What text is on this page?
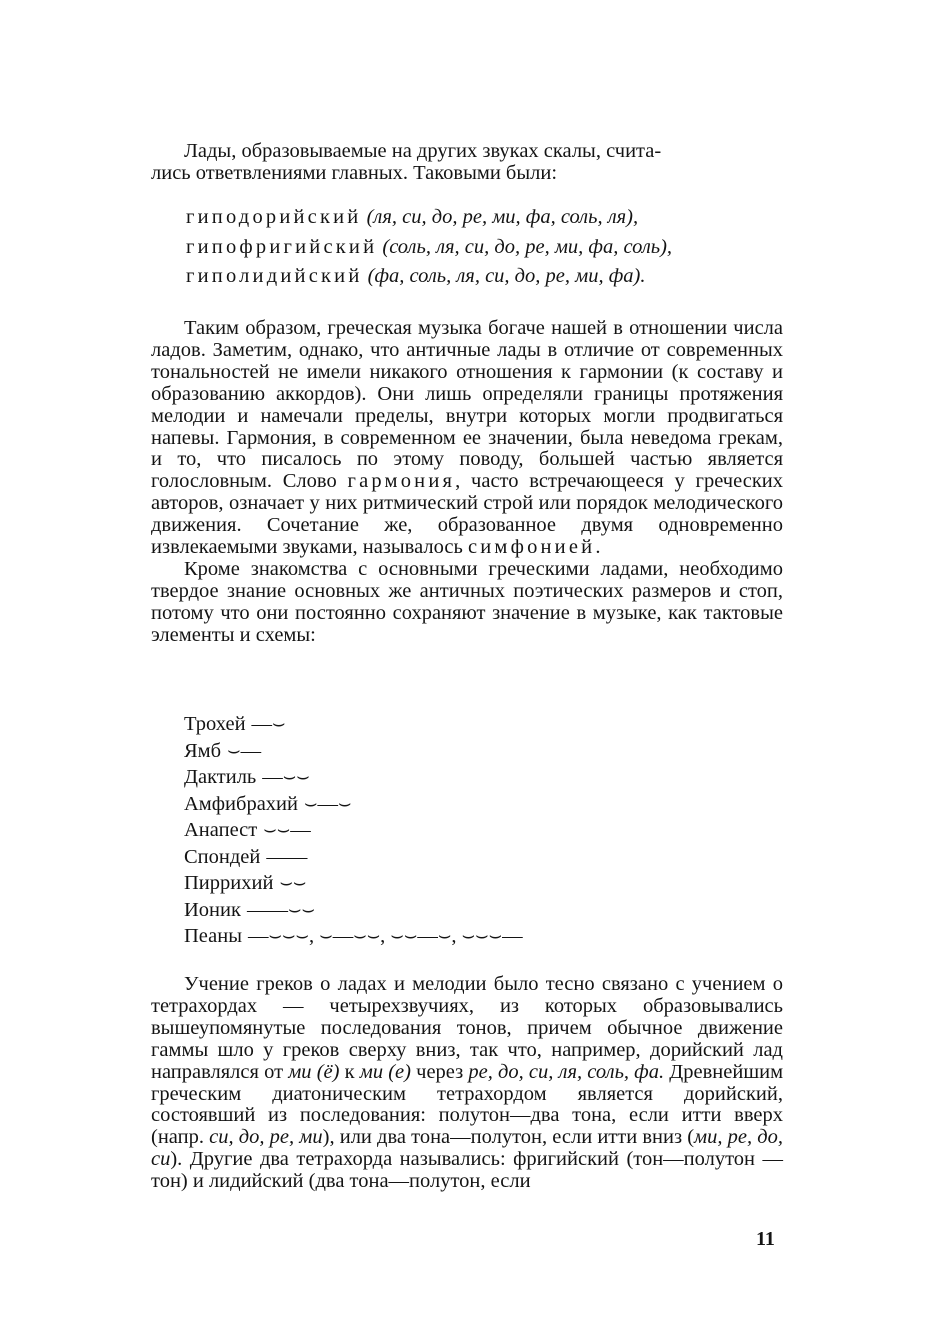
Лады, образовываемые на других звуках скалы, счита-
лись ответвлениями главных. Таковыми были:
гиподорийский (ля, си, до, ре, ми, фа, соль, ля),
гипофригийский (соль, ля, си, до, ре, ми, фа, соль),
гиполидийский (фа, соль, ля, си, до, ре, ми, фа).

Таким образом, греческая музыка богаче нашей в отношении числа ладов. Заметим, однако, что античные лады в отличие от современных тональностей не имели никакого отношения к гармонии (к составу и образованию аккордов). Они лишь определяли границы протяжения мелодии и намечали пределы, внутри которых могли продвигаться напевы. Гармония, в современном ее значении, была неведома грекам, и то, что писалось по этому поводу, большей частью является голословным. Слово гармония, часто встречающееся у греческих авторов, означает у них ритмический строй или порядок мелодического движения. Сочетание же, образованное двумя одновременно извлекаемыми звуками, называлось симфонией.

Кроме знакомства с основными греческими ладами, необходимо твердое знание основных же античных поэтических размеров и стоп, потому что они постоянно сохраняют значение в музыке, как тактовые элементы и схемы:

Трохей —⌣
Ямб ⌣—
Дактиль —⌣⌣
Амфибрахий ⌣—⌣
Анапест ⌣⌣—
Спондей ——
Пиррихий ⌣⌣
Ионик ——⌣⌣
Пеаны —⌣⌣⌣, ⌣—⌣⌣, ⌣⌣—⌣, ⌣⌣⌣—

Учение греков о ладах и мелодии было тесно связано с учением о тетрахордах — четырехзвучиях, из которых образовывались вышеупомянутые последования тонов, причем обычное движение гаммы шло у греков сверху вниз, так что, например, дорийский лад направлялся от ми (ё) к ми (е) через ре, до, си, ля, соль, фа. Древнейшим греческим диатоническим тетрахордом является дорийский, состоявший из последования: полутон—два тона, если итти вверх (напр. си, до, ре, ми), или два тона—полутон, если итти вниз (ми, ре, до, си). Другие два тетрахорда назывались: фригийский (тон—полутон — тон) и лидийский (два тона—полутон, если

11
